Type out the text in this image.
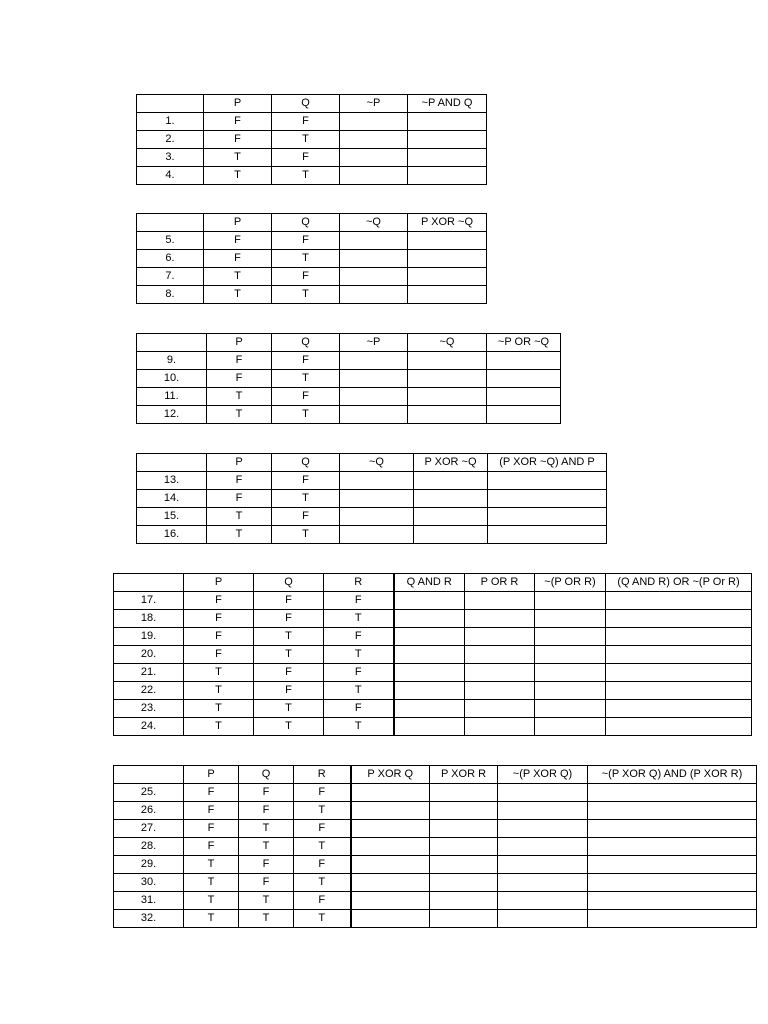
	P	Q	~P	~P AND Q
1.	F	F		
2.	F	T		
3.	T	F		
4.	T	T		
	P	Q	~Q	P XOR ~Q
5.	F	F		
6.	F	T		
7.	T	F		
8.	T	T		
	P	Q	~P	~Q	~P OR ~Q
9.	F	F			
10.	F	T			
11.	T	F			
12.	T	T			
	P	Q	~Q	P XOR ~Q	(P XOR ~Q) AND P
13.	F	F			
14.	F	T			
15.	T	F			
16.	T	T			
	P	Q	R	Q AND R	P OR R	~(P OR R)	(Q AND R) OR ~(P Or R)
17.	F	F	F				
18.	F	F	T				
19.	F	T	F				
20.	F	T	T				
21.	T	F	F				
22.	T	F	T				
23.	T	T	F				
24.	T	T	T				
	P	Q	R	P XOR Q	P XOR R	~(P XOR Q)	~(P XOR Q) AND (P XOR R)
25.	F	F	F				
26.	F	F	T				
27.	F	T	F				
28.	F	T	T				
29.	T	F	F				
30.	T	F	T				
31.	T	T	F				
32.	T	T	T				
